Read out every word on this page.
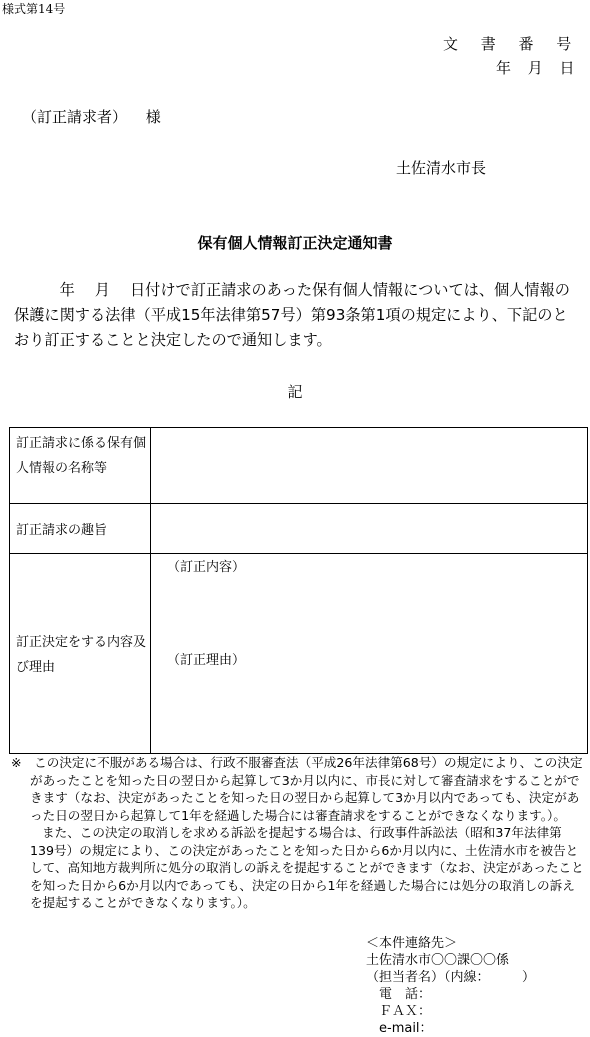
様式第14号
文 書 番 号
年 月 日
（訂正請求者） 様
土佐清水市長
保有個人情報訂正決定通知書
　　　年　 月　 日付けで訂正請求のあった保有個人情報については、個人情報の保護に関する法律（平成15年法律第57号）第93条第1項の規定により、下記のとおり訂正することと決定したので通知します。
記
訂正請求に係る保有個人情報の名称等	
訂正請求の趣旨	
訂正決定をする内容及び理由	（訂正内容）
（訂正理由）

※　この決定に不服がある場合は、行政不服審査法（平成26年法律第68号）の規定により、この決定があったことを知った日の翌日から起算して3か月以内に、市長に対して審査請求をすることができます（なお、決定があったことを知った日の翌日から起算して3か月以内であっても、決定があった日の翌日から起算して1年を経過した場合には審査請求をすることができなくなります。）。

また、この決定の取消しを求める訴訟を提起する場合は、行政事件訴訟法（昭和37年法律第139号）の規定により、この決定があったことを知った日から6か月以内に、土佐清水市を被告として、高知地方裁判所に処分の取消しの訴えを提起することができます（なお、決定があったことを知った日から6か月以内であっても、決定の日から1年を経過した場合には処分の取消しの訴えを提起することができなくなります。）。

＜本件連絡先＞
土佐清水市〇〇課〇〇係
（担当者名）（内線：　　　）
　電　話：
　ＦＡＸ：
　e-mail：
